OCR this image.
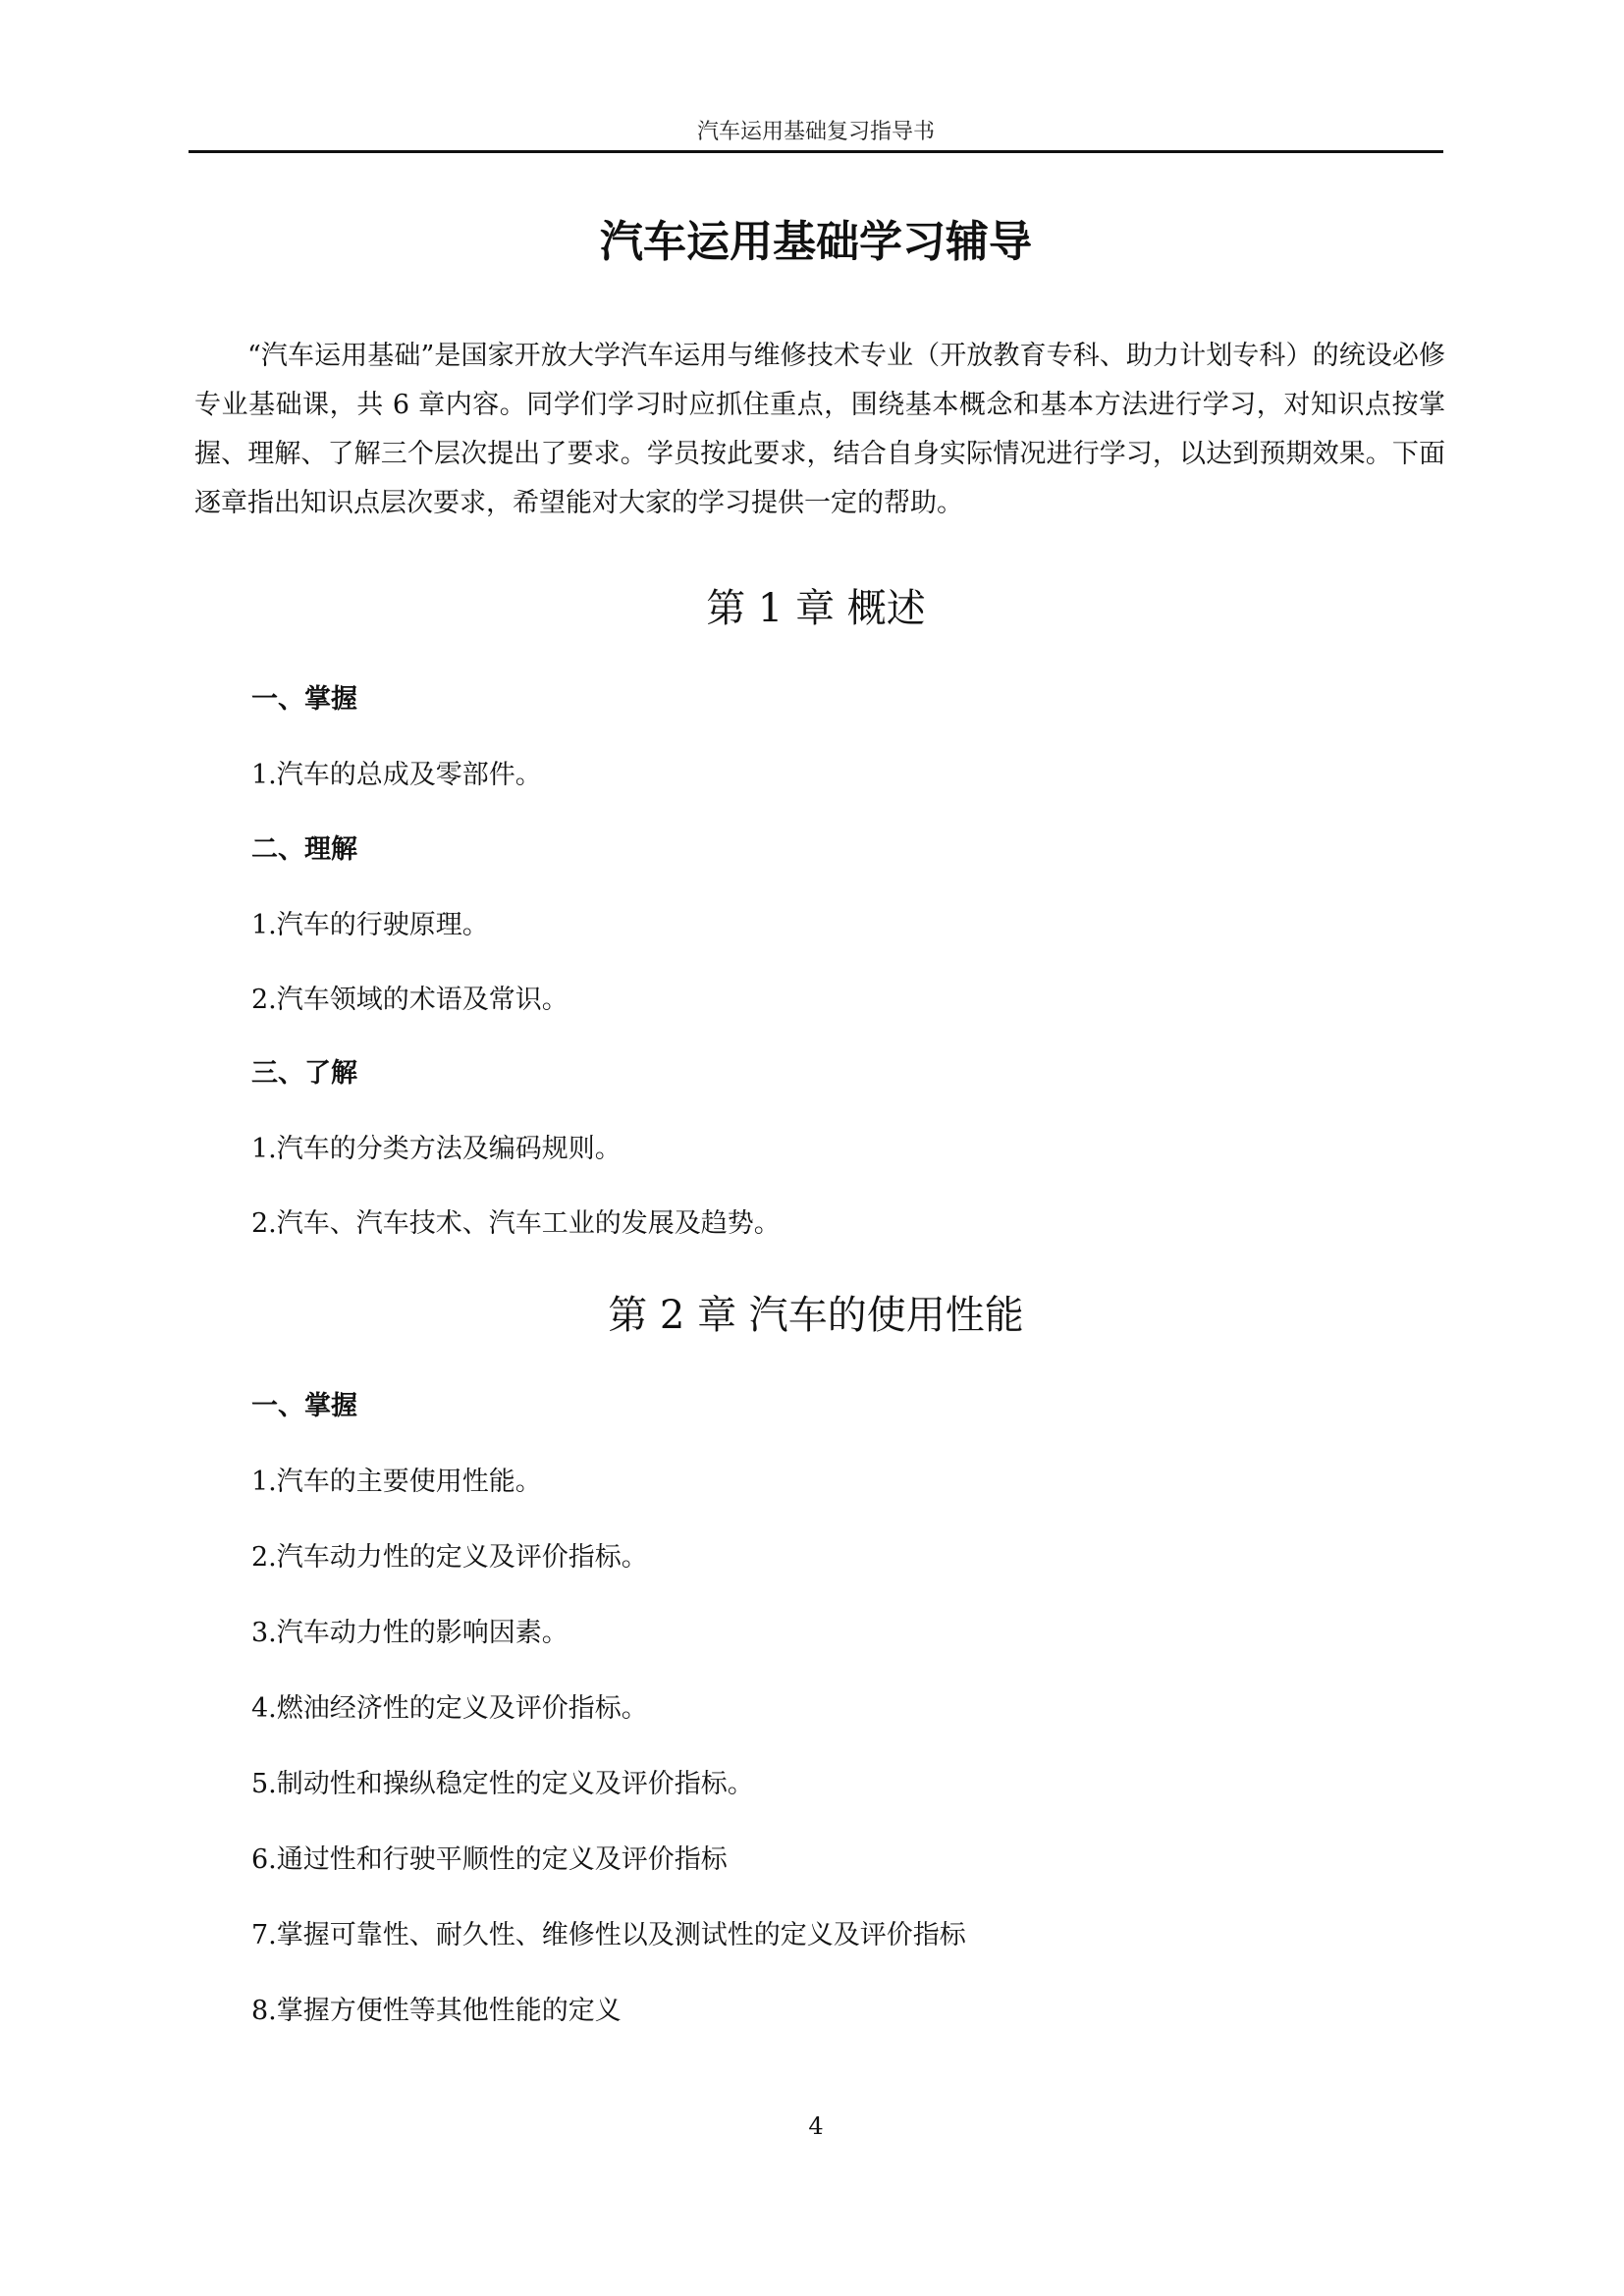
汽车运用基础复习指导书
汽车运用基础学习辅导

“汽车运用基础”是国家开放大学汽车运用与维修技术专业（开放教育专科、助力计划专科）的统设必修专业基础课，共 6 章内容。同学们学习时应抓住重点，围绕基本概念和基本方法进行学习，对知识点按掌握、理解、了解三个层次提出了要求。学员按此要求，结合自身实际情况进行学习，以达到预期效果。下面逐章指出知识点层次要求，希望能对大家的学习提供一定的帮助。

第 1 章 概述
一、掌握
1.汽车的总成及零部件。
二、理解
1.汽车的行驶原理。
2.汽车领域的术语及常识。
三、了解
1.汽车的分类方法及编码规则。
2.汽车、汽车技术、汽车工业的发展及趋势。
第 2 章 汽车的使用性能
一、掌握
1.汽车的主要使用性能。
2.汽车动力性的定义及评价指标。
3.汽车动力性的影响因素。
4.燃油经济性的定义及评价指标。
5.制动性和操纵稳定性的定义及评价指标。
6.通过性和行驶平顺性的定义及评价指标
7.掌握可靠性、耐久性、维修性以及测试性的定义及评价指标
8.掌握方便性等其他性能的定义
4
